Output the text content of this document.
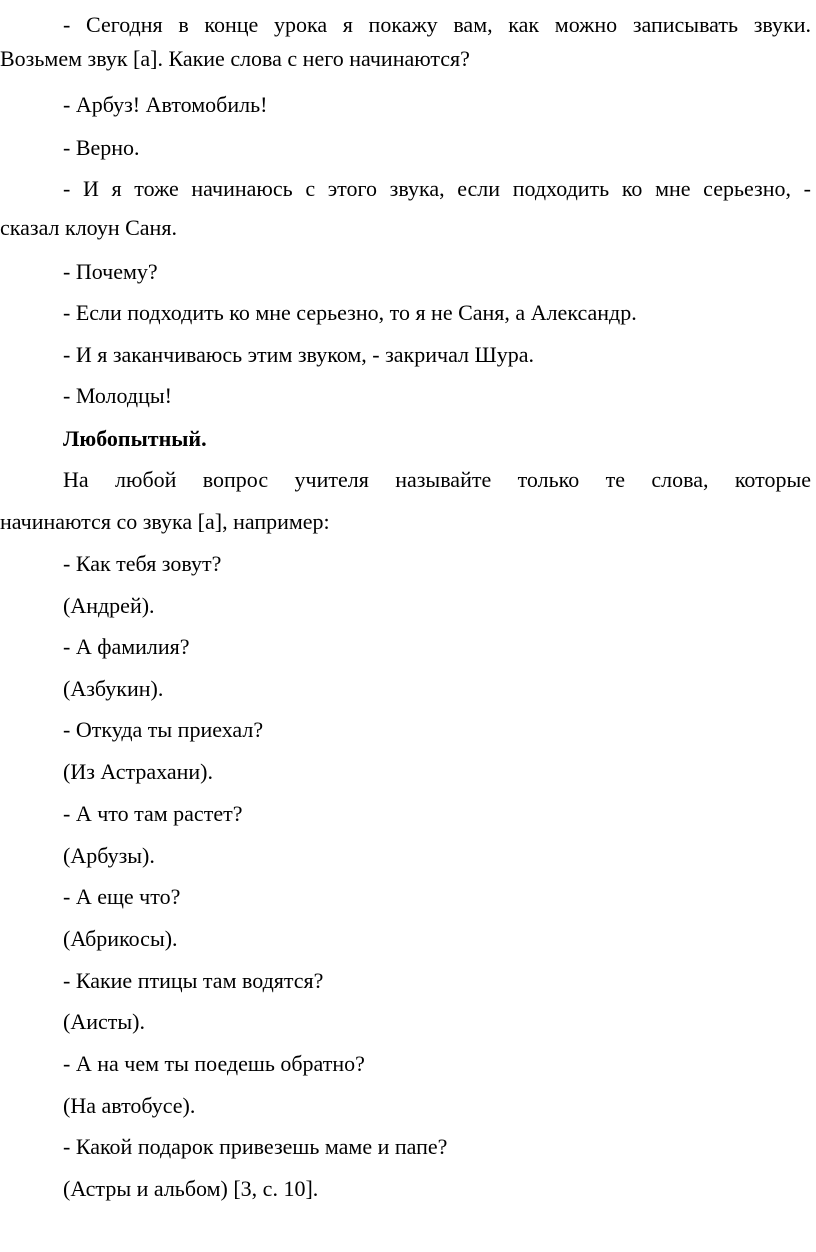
- Сегодня в конце урока я покажу вам, как можно записывать звуки.
Возьмем звук [а]. Какие слова с него начинаются?
- Арбуз! Автомобиль!
- Верно.
- И я тоже начинаюсь с этого звука, если подходить ко мне серьезно, -
сказал клоун Саня.
- Почему?
- Если подходить ко мне серьезно, то я не Саня, а Александр.
- И я заканчиваюсь этим звуком, - закричал Шура.
- Молодцы!
Любопытный.
На любой вопрос учителя называйте только те слова, которые
начинаются со звука [а], например:
- Как тебя зовут?
(Андрей).
- А фамилия?
(Азбукин).
- Откуда ты приехал?
(Из Астрахани).
- А что там растет?
(Арбузы).
- А еще что?
(Абрикосы).
- Какие птицы там водятся?
(Аисты).
- А на чем ты поедешь обратно?
(На автобусе).
- Какой подарок привезешь маме и папе?
(Астры и альбом) [3, с. 10].
